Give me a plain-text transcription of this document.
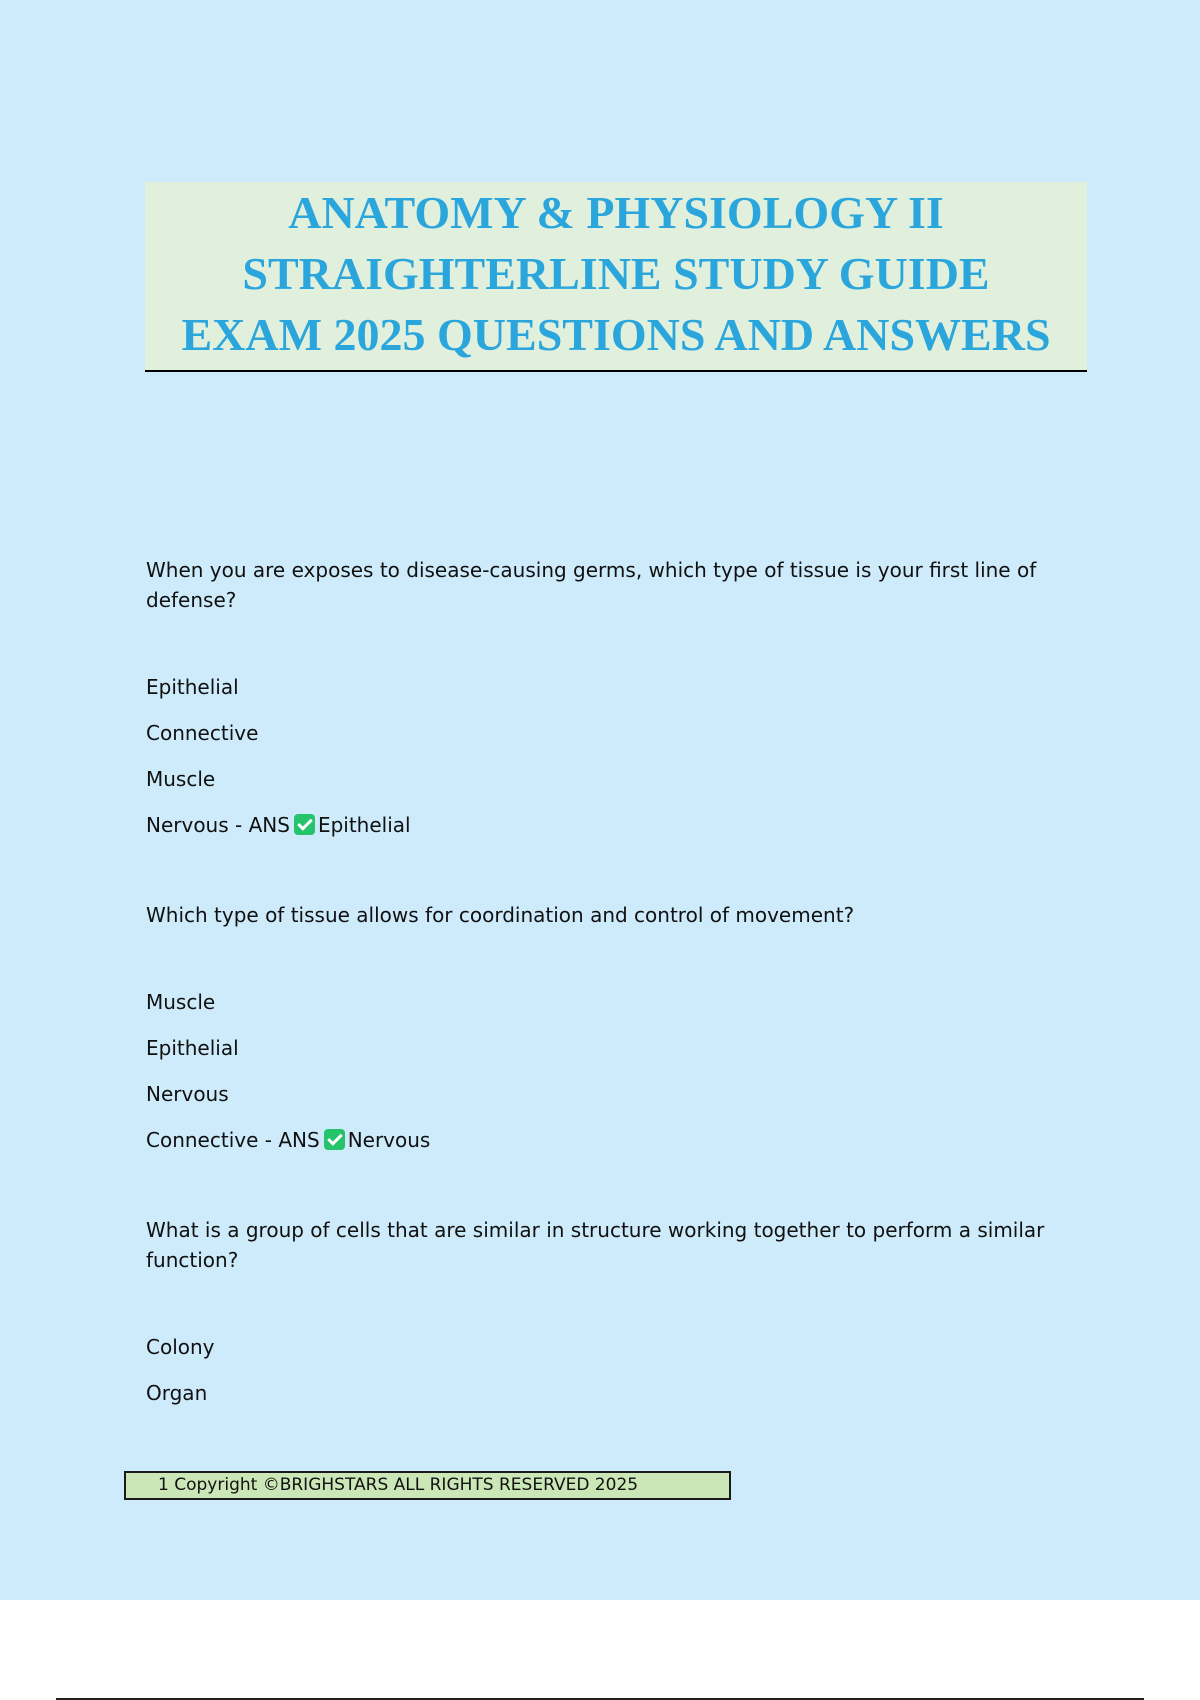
ANATOMY & PHYSIOLOGY II

STRAIGHTERLINE STUDY GUIDE

EXAM 2025 QUESTIONS AND ANSWERS

When you are exposes to disease-causing germs, which type of tissue is your first line of defense?

Epithelial
Connective
Muscle
Nervous - ANS Epithelial

Which type of tissue allows for coordination and control of movement?

Muscle
Epithelial
Nervous
Connective - ANS Nervous

What is a group of cells that are similar in structure working together to perform a similar function?

Colony
Organ
1 Copyright ©BRIGHSTARS ALL RIGHTS RESERVED 2025
